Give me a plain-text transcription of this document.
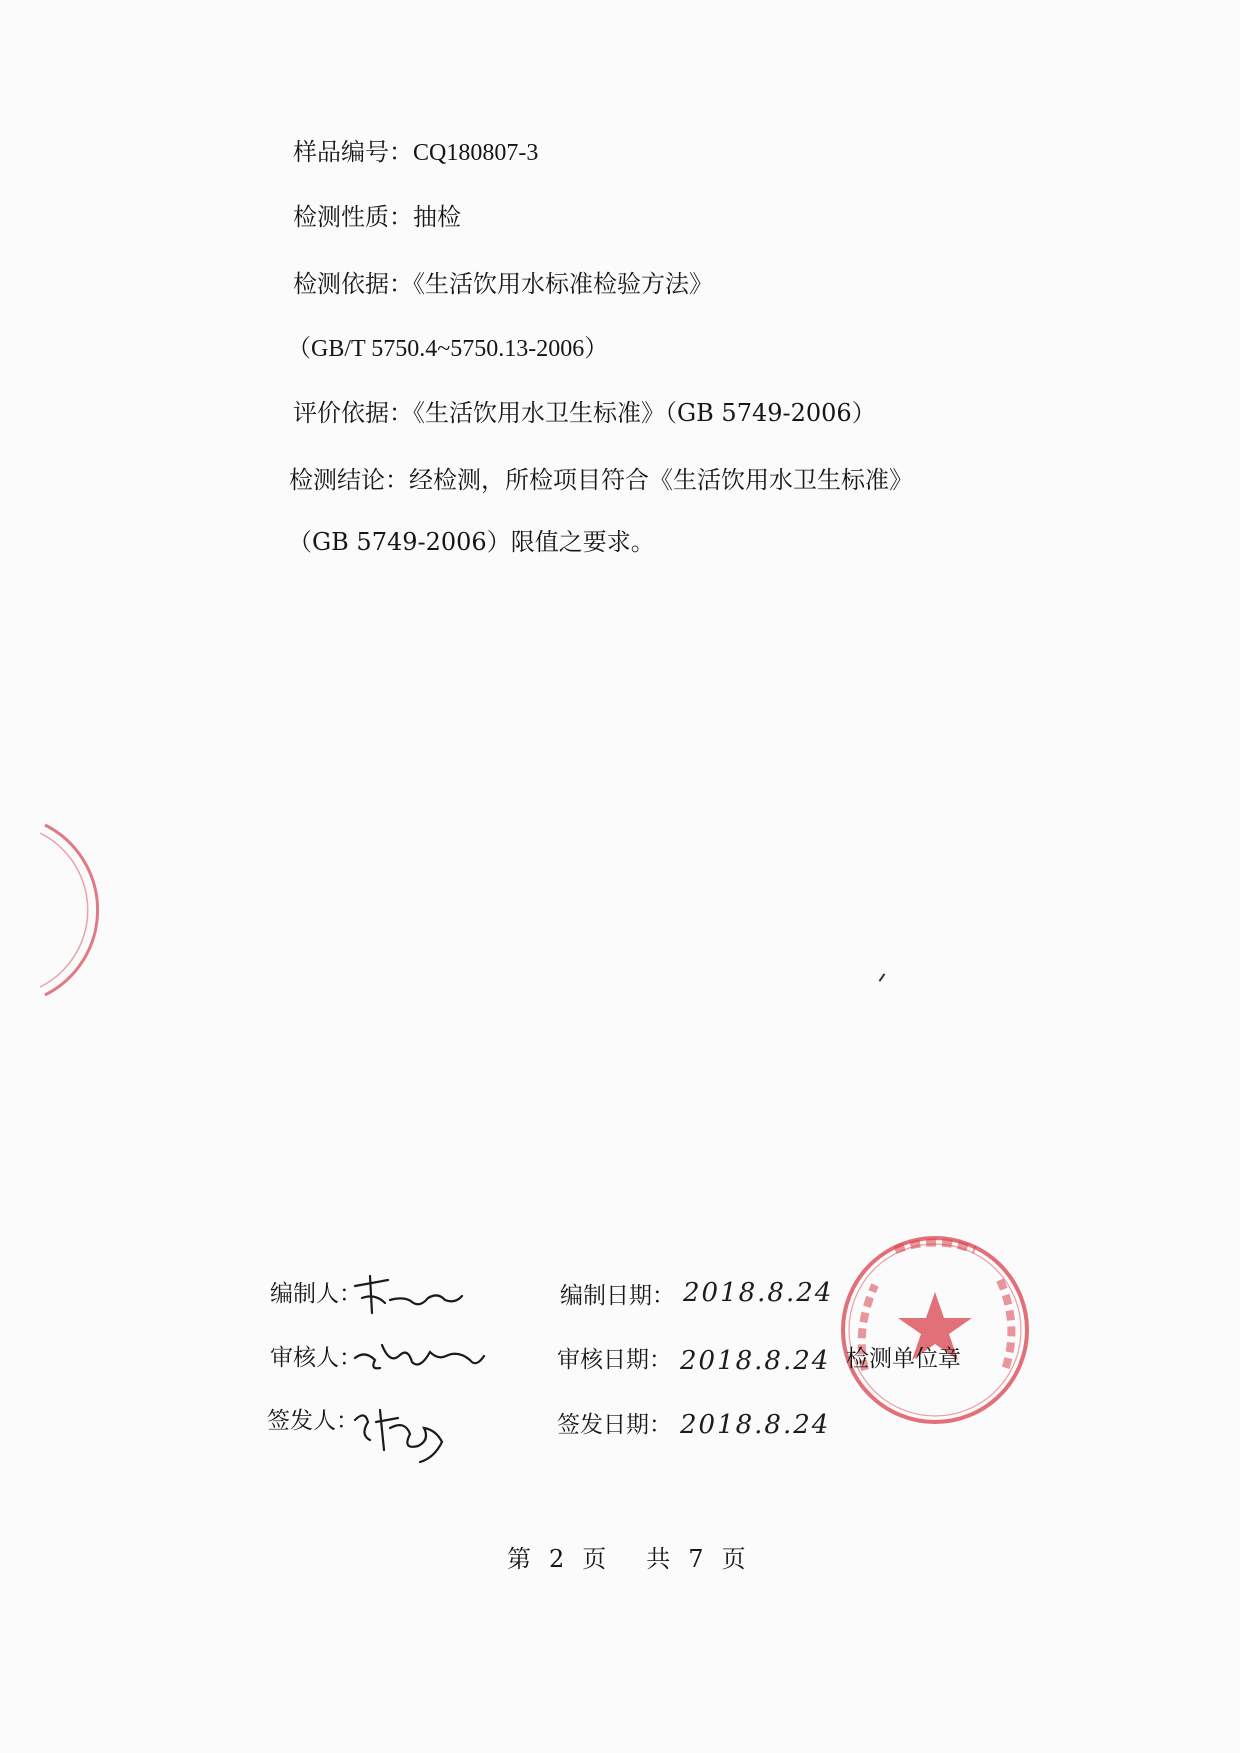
样品编号：CQ180807-3
检测性质：抽检
检测依据：《生活饮用水标准检验方法》
（GB/T 5750.4~5750.13-2006）
评价依据：《生活饮用水卫生标准》（GB 5749-2006）
检测结论：经检测，所检项目符合《生活饮用水卫生标准》
（GB 5749-2006）限值之要求。
编制人：	编制日期： 2018.8.24
审核人：	审核日期： 2018.8.24 检测单位章
签发人：	签发日期： 2018.8.24
第 2 页 共 7 页
